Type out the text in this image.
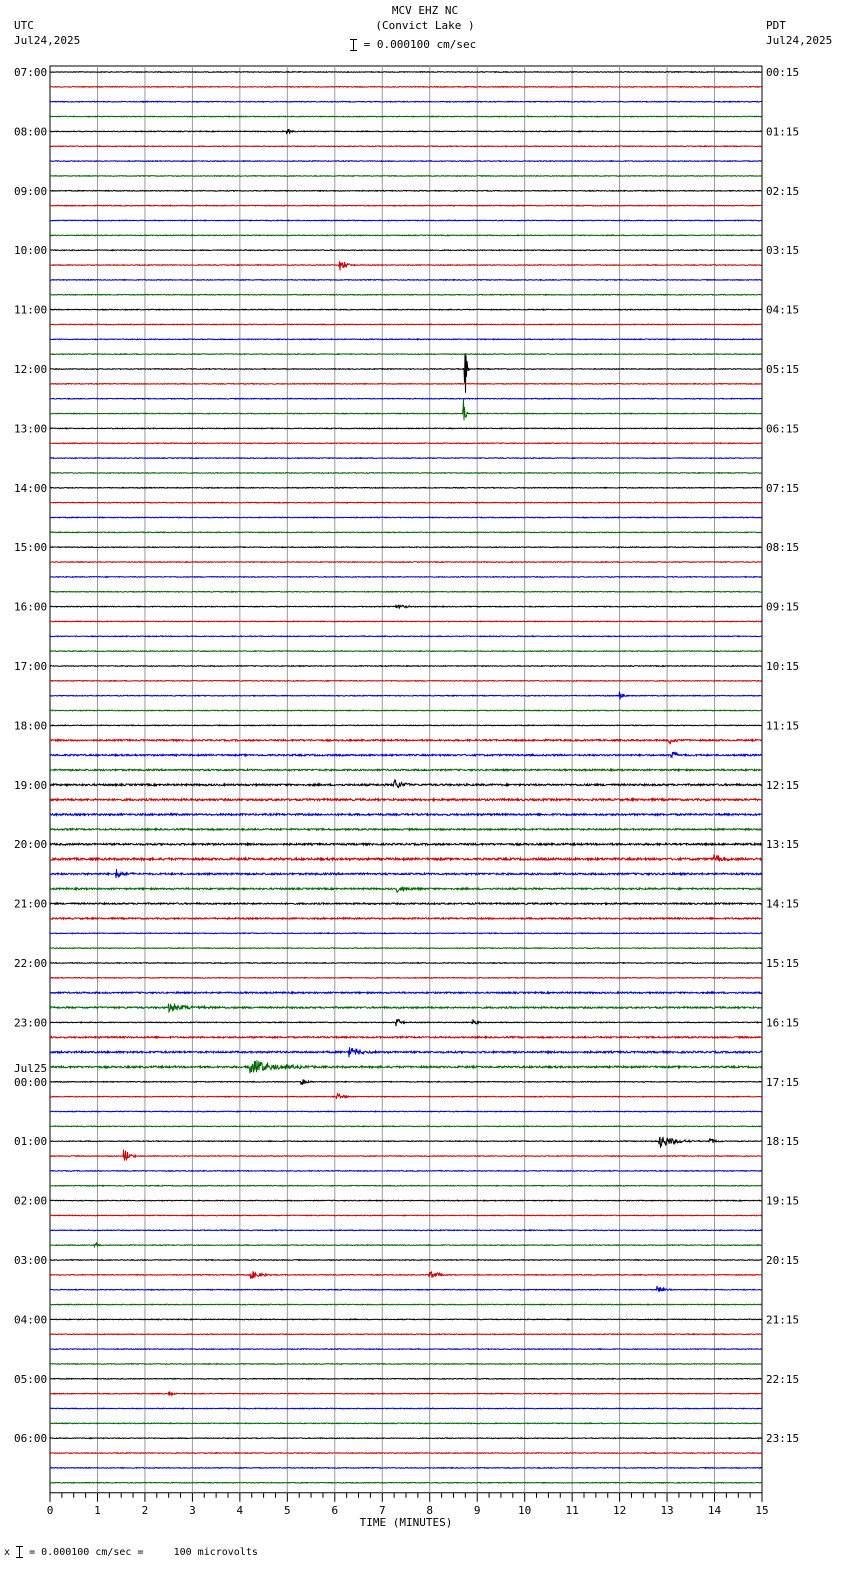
MCV EHZ NC
(Convict Lake )
= 0.000100 cm/sec
UTC
Jul24,2025
PDT
Jul24,2025
07:00
08:00
09:00
10:00
11:00
12:00
13:00
14:00
15:00
16:00
17:00
18:00
19:00
20:00
21:00
22:00
23:00
Jul25
00:00
01:00
02:00
03:00
04:00
05:00
06:00
00:15
01:15
02:15
03:15
04:15
05:15
06:15
07:15
08:15
09:15
10:15
11:15
12:15
13:15
14:15
15:15
16:15
17:15
18:15
19:15
20:15
21:15
22:15
23:15
0	1	2	3	4	5	6	7	8	9	10	11	12	13	14	15
TIME (MINUTES)
x = 0.000100 cm/sec =     100 microvolts
